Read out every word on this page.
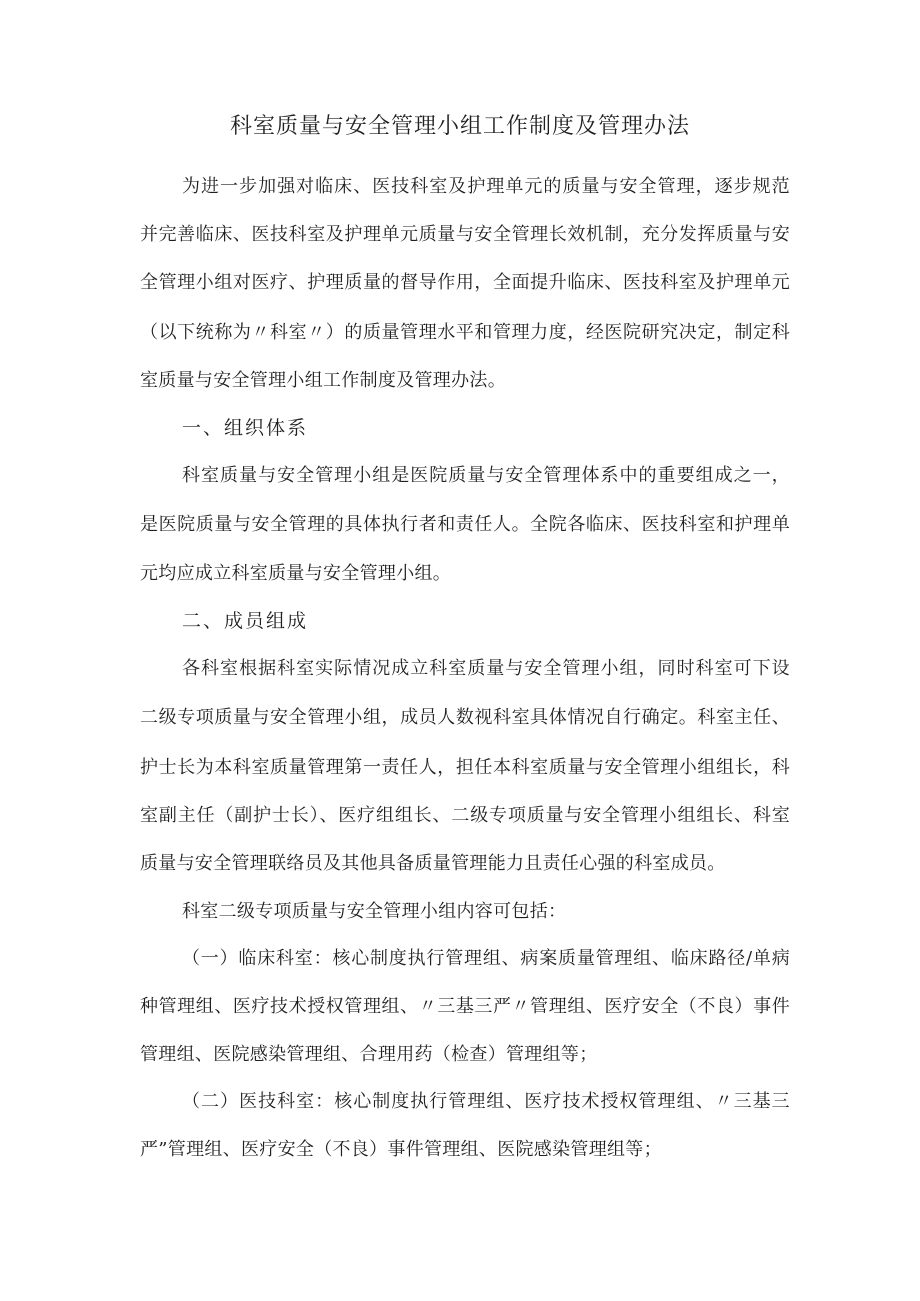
科室质量与安全管理小组工作制度及管理办法
为进一步加强对临床、医技科室及护理单元的质量与安全管理，逐步规范
并完善临床、医技科室及护理单元质量与安全管理长效机制，充分发挥质量与安
全管理小组对医疗、护理质量的督导作用，全面提升临床、医技科室及护理单元
（以下统称为〃科室〃）的质量管理水平和管理力度，经医院研究决定，制定科
室质量与安全管理小组工作制度及管理办法。
一、组织体系
科室质量与安全管理小组是医院质量与安全管理体系中的重要组成之一，
是医院质量与安全管理的具体执行者和责任人。全院各临床、医技科室和护理单
元均应成立科室质量与安全管理小组。
二、成员组成
各科室根据科室实际情况成立科室质量与安全管理小组，同时科室可下设
二级专项质量与安全管理小组，成员人数视科室具体情况自行确定。科室主任、
护士长为本科室质量管理第一责任人，担任本科室质量与安全管理小组组长，科
室副主任（副护士长）、医疗组组长、二级专项质量与安全管理小组组长、科室
质量与安全管理联络员及其他具备质量管理能力且责任心强的科室成员。
科室二级专项质量与安全管理小组内容可包括：
（一）临床科室：核心制度执行管理组、病案质量管理组、临床路径/单病
种管理组、医疗技术授权管理组、〃三基三严〃管理组、医疗安全（不良）事件
管理组、医院感染管理组、合理用药（检查）管理组等；
（二）医技科室：核心制度执行管理组、医疗技术授权管理组、〃三基三
严”管理组、医疗安全（不良）事件管理组、医院感染管理组等；
